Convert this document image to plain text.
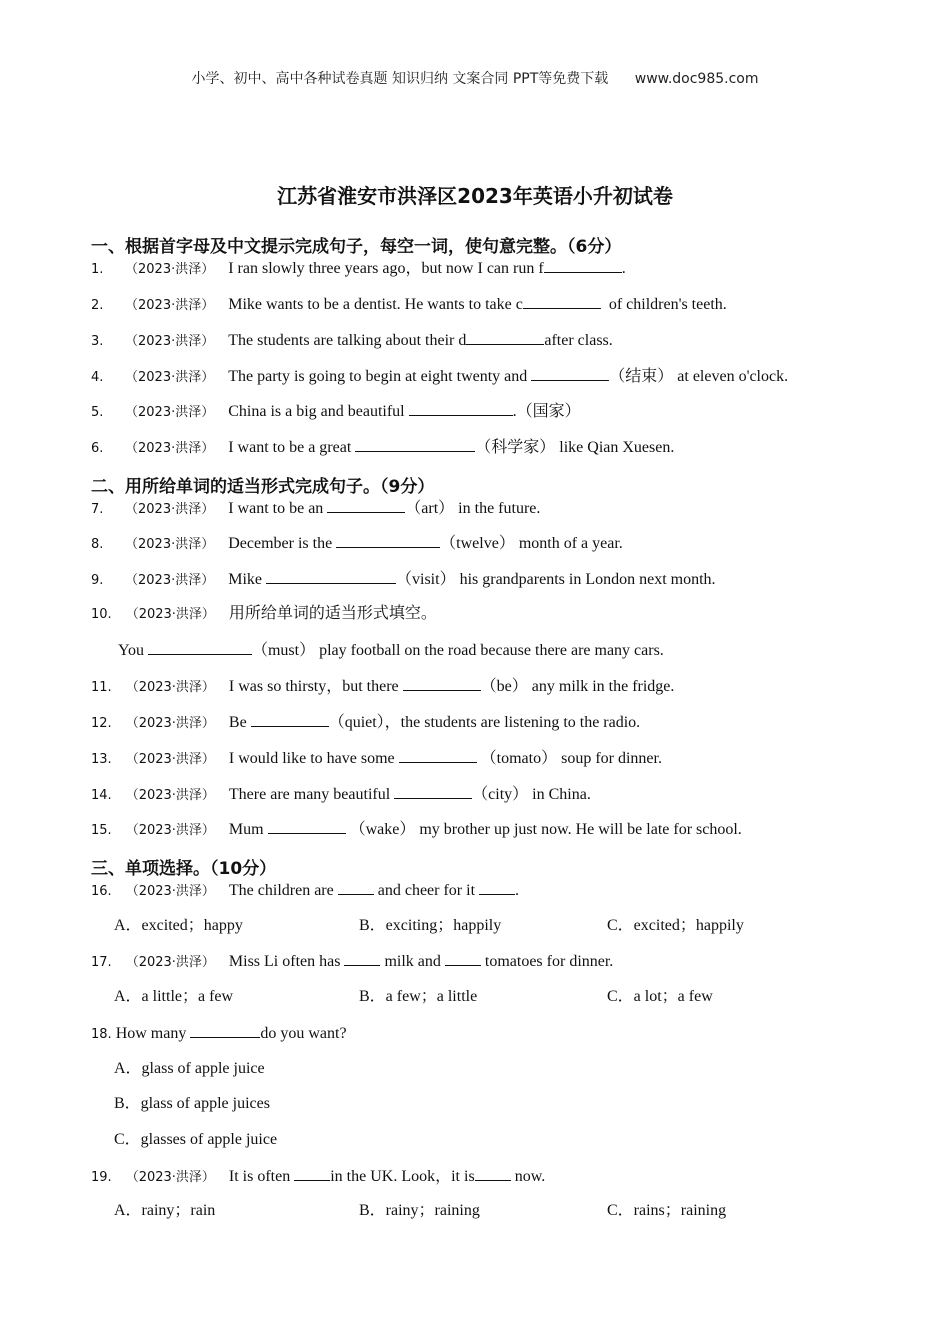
小学、初中、高中各种试卷真题 知识归纳 文案合同 PPT等免费下载 www.doc985.com
江苏省淮安市洪泽区2023年英语小升初试卷
一、根据首字母及中文提示完成句子，每空一词，使句意完整。（6分）
1. （2023·洪泽） I ran slowly three years ago，but now I can run f	.
2. （2023·洪泽） Mike wants to be a dentist. He wants to take c	of children's teeth.
3. （2023·洪泽） The students are talking about their d	after class.
4. （2023·洪泽） The party is going to begin at eight twenty and	（结束） at eleven o'clock.
5. （2023·洪泽） China is a big and beautiful	.（国家）
6. （2023·洪泽） I want to be a great	（科学家） like Qian Xuesen.
二、用所给单词的适当形式完成句子。（9分）
7. （2023·洪泽） I want to be an	（art） in the future.
8. （2023·洪泽） December is the	（twelve） month of a year.
9. （2023·洪泽） Mike	（visit） his grandparents in London next month.
10. （2023·洪泽） 用所给单词的适当形式填空。
You	（must） play football on the road because there are many cars.
11. （2023·洪泽） I was so thirsty，but there	（be） any milk in the fridge.
12. （2023·洪泽） Be	（quiet），the students are listening to the radio.
13. （2023·洪泽） I would like to have some	（tomato） soup for dinner.
14. （2023·洪泽） There are many beautiful	（city） in China.
15. （2023·洪泽） Mum	（wake） my brother up just now. He will be late for school.
三、单项选择。（10分）
16. （2023·洪泽） The children are	and cheer for it	.
A．excited；happy	B．exciting；happily	C．excited；happily
17. （2023·洪泽） Miss Li often has	milk and	tomatoes for dinner.
A．a little；a few	B．a few；a little	C．a lot；a few
18. How many	do you want?
A．glass of apple juice
B．glass of apple juices
C．glasses of apple juice
19. （2023·洪泽） It is often	in the UK. Look，it is	now.
A．rainy；rain	B．rainy；raining	C．rains；raining
